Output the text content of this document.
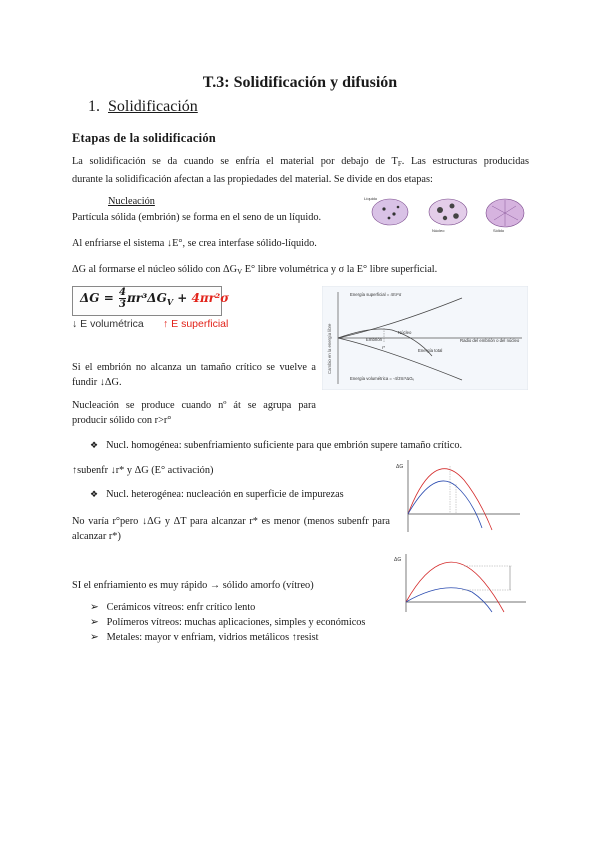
T.3: Solidificación y difusión
1. Solidificación
Etapas de la solidificación
La solidificación se da cuando se enfría el material por debajo de $T_F$. Las estructuras producidas
durante la solidificación afectan a las propiedades del material. Se divide en dos etapas:
Nucleación
Partícula sólida (embrión) se forma en el seno de un líquido.
Líquido
Núcleo	Sólido
Al enfriarse el sistema ↓E°, se crea interfase sólido-líquido.
ΔG al formarse el núcleo sólido con $\Delta G_V$ E° libre volumétrica y σ la E° libre superficial.
$\Delta G = \frac{4}{3} \pi r^3\Delta G_V + 4\pi r^2\sigma$
↓ E volumétrica ↑ E superficial	Cambio en la energía libre
Energía superficial = 4πr²σ
Núcleo
Embrión
r*
Radio del embrión o del núcleo
Energía total
Energía volumétrica = -4/3πr³ΔGᵥ
Si el embrión no alcanza un tamaño crítico se vuelve a
fundir ↓ΔG.
Nucleación se produce cuando nº át se agrupa para
producir sólido con r>r°
❖ Nucl. homogénea: subenfriamiento suficiente para que embrión supere tamaño crítico.
↑subenfr ↓r* y ΔG (E° activación)	ΔG
❖ Nucl. heterogénea: nucleación en superficie de impurezas
No varía r°pero ↓ΔG y ΔT para alcanzar r* es menor (menos subenfr para
alcanzar r*)
ΔG
SI el enfriamiento es muy rápido → sólido amorfo (vítreo)
➢ Cerámicos vítreos: enfr crítico lento
➢ Polímeros vítreos: muchas aplicaciones, simples y económicos
➢ Metales: mayor v enfriam, vidrios metálicos ↑resist
